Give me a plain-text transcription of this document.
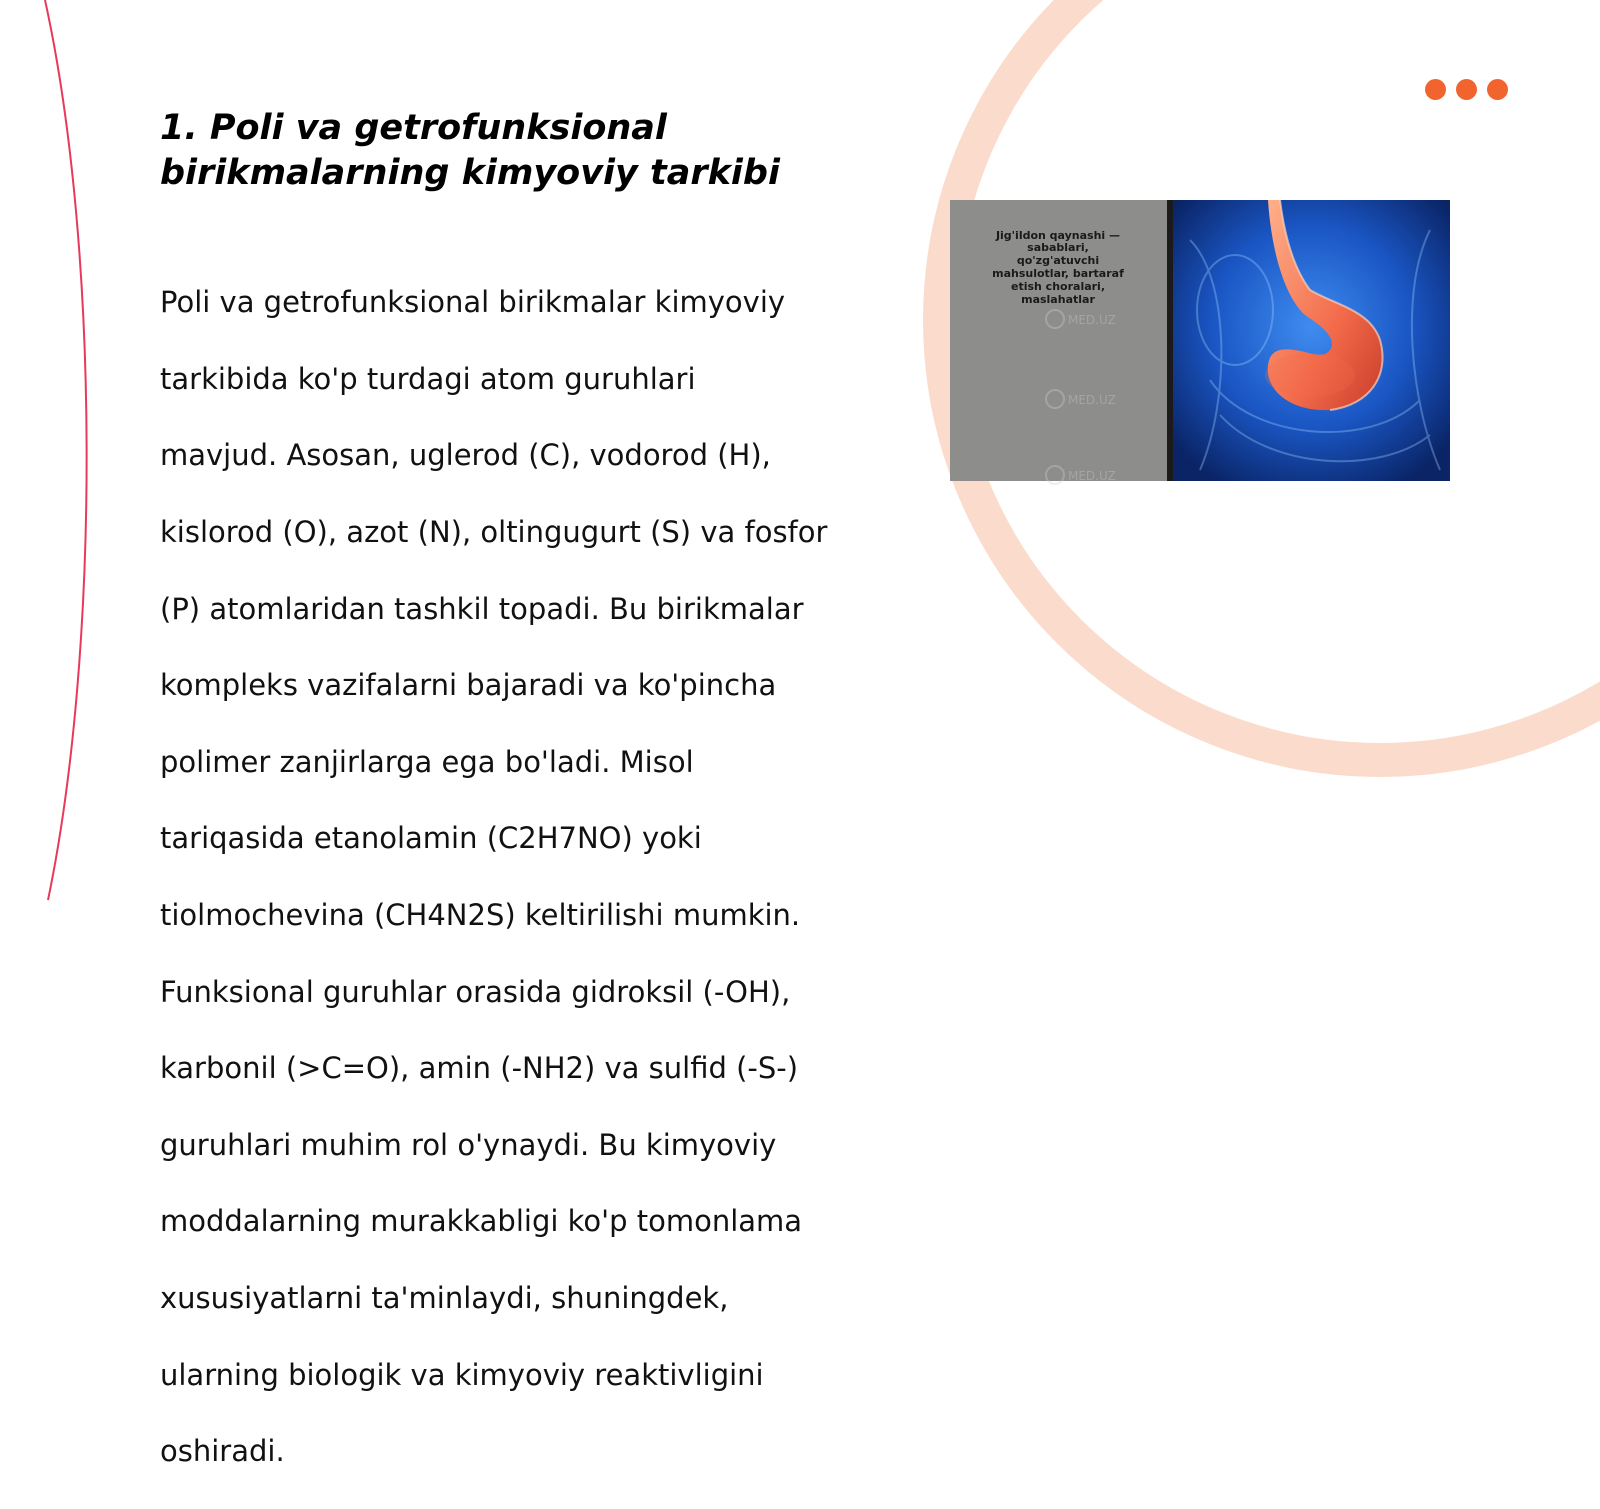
1. Poli va getrofunksional
birikmalarning kimyoviy tarkibi

Poli va getrofunksional birikmalar kimyoviy

tarkibida ko'p turdagi atom guruhlari

mavjud. Asosan, uglerod (C), vodorod (H),

kislorod (O), azot (N), oltingugurt (S) va fosfor

(P) atomlaridan tashkil topadi. Bu birikmalar

kompleks vazifalarni bajaradi va ko'pincha

polimer zanjirlarga ega bo'ladi. Misol

tariqasida etanolamin (C2H7NO) yoki

tiolmochevina (CH4N2S) keltirilishi mumkin.

Funksional guruhlar orasida gidroksil (-OH),

karbonil (>C=O), amin (-NH2) va sulfid (-S-)

guruhlari muhim rol o'ynaydi. Bu kimyoviy

moddalarning murakkabligi ko'p tomonlama

xususiyatlarni ta'minlaydi, shuningdek,

ularning biologik va kimyoviy reaktivligini

oshiradi.

Jig'ildon qaynashi —
sabablari,
qo'zg'atuvchi
mahsulotlar, bartaraf
etish choralari,
maslahatlar
MED.UZ
MED.UZ
MED.UZ
